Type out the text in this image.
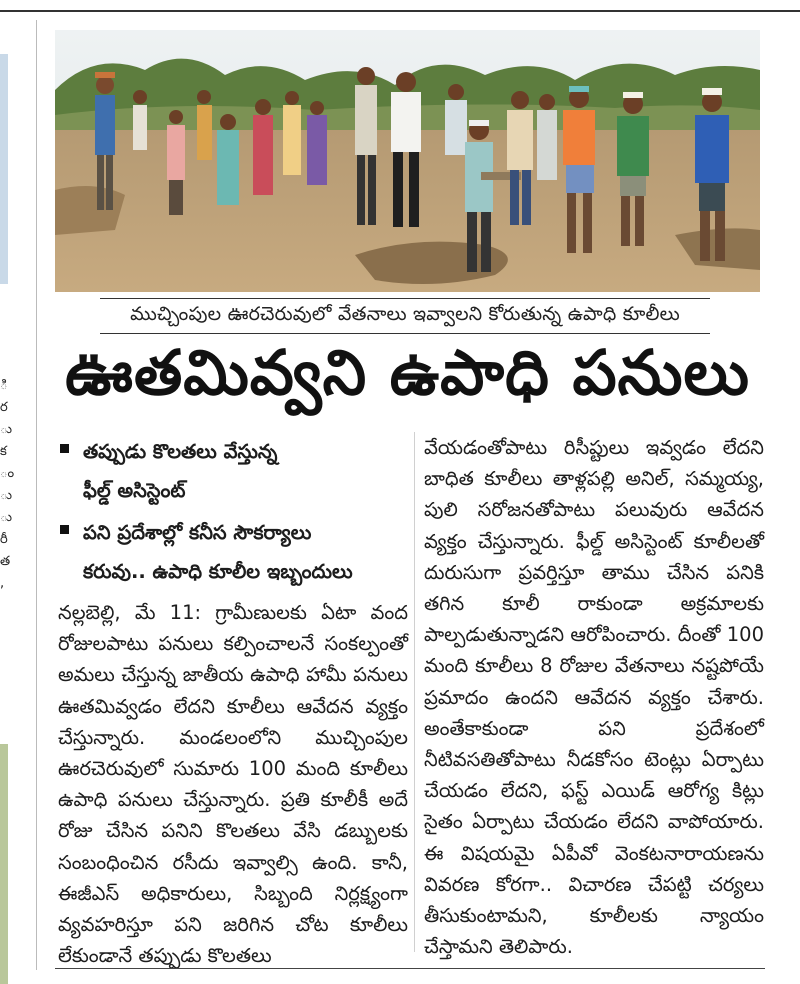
ి
ర
ు
క
ం
ు
ు
రీ
త
,
ముచ్చింపుల ఊరచెరువులో వేతనాలు ఇవ్వాలని కోరుతున్న ఉపాధి కూలీలు
ఊతమివ్వని ఉపాధి పనులు
తప్పుడు కొలతలు వేస్తున్న
ఫీల్డ్ అసిస్టెంట్
పని ప్రదేశాల్లో కనీస సౌకర్యాలు
కరువు.. ఉపాధి కూలీల ఇబ్బందులు

నల్లబెల్లి, మే 11: గ్రామీణులకు ఏటా వంద రోజులపాటు పనులు కల్పించాలనే సంకల్పంతో అమలు చేస్తున్న జాతీయ ఉపాధి హామీ పనులు ఊతమివ్వడం లేదని కూలీలు ఆవేదన వ్యక్తం చేస్తున్నారు. మండలంలోని ముచ్చింపుల ఊరచెరువులో సుమారు 100 మంది కూలీలు ఉపాధి పనులు చేస్తున్నారు. ప్రతి కూలీకీ అదే రోజు చేసిన పనిని కొలతలు వేసి డబ్బులకు సంబంధించిన రసీదు ఇవ్వాల్సి ఉంది. కానీ, ఈజీఎస్ అధికారులు, సిబ్బంది నిర్లక్ష్యంగా వ్యవహరిస్తూ పని జరిగిన చోట కూలీలు లేకుండానే తప్పుడు కొలతలు

వేయడంతోపాటు రిసీప్టులు ఇవ్వడం లేదని బాధిత కూలీలు తాళ్లపల్లి అనిల్, సమ్మయ్య, పులి సరోజనతోపాటు పలువురు ఆవేదన వ్యక్తం చేస్తున్నారు. ఫీల్డ్ అసిస్టెంట్ కూలీలతో దురుసుగా ప్రవర్తిస్తూ తాము చేసిన పనికి తగిన కూలీ రాకుండా అక్రమాలకు పాల్పడుతున్నాడని ఆరోపించారు. దీంతో 100 మంది కూలీలు 8 రోజుల వేతనాలు నష్టపోయే ప్రమాదం ఉందని ఆవేదన వ్యక్తం చేశారు. అంతేకాకుండా పని ప్రదేశంలో నీటివసతితోపాటు నీడకోసం టెంట్లు ఏర్పాటు చేయడం లేదని, ఫస్ట్ ఎయిడ్ ఆరోగ్య కిట్లు సైతం ఏర్పాటు చేయడం లేదని వాపోయారు. ఈ విషయమై ఏపీవో వెంకటనారాయణను వివరణ కోరగా.. విచారణ చేపట్టి చర్యలు తీసుకుంటామని, కూలీలకు న్యాయం చేస్తామని తెలిపారు.
